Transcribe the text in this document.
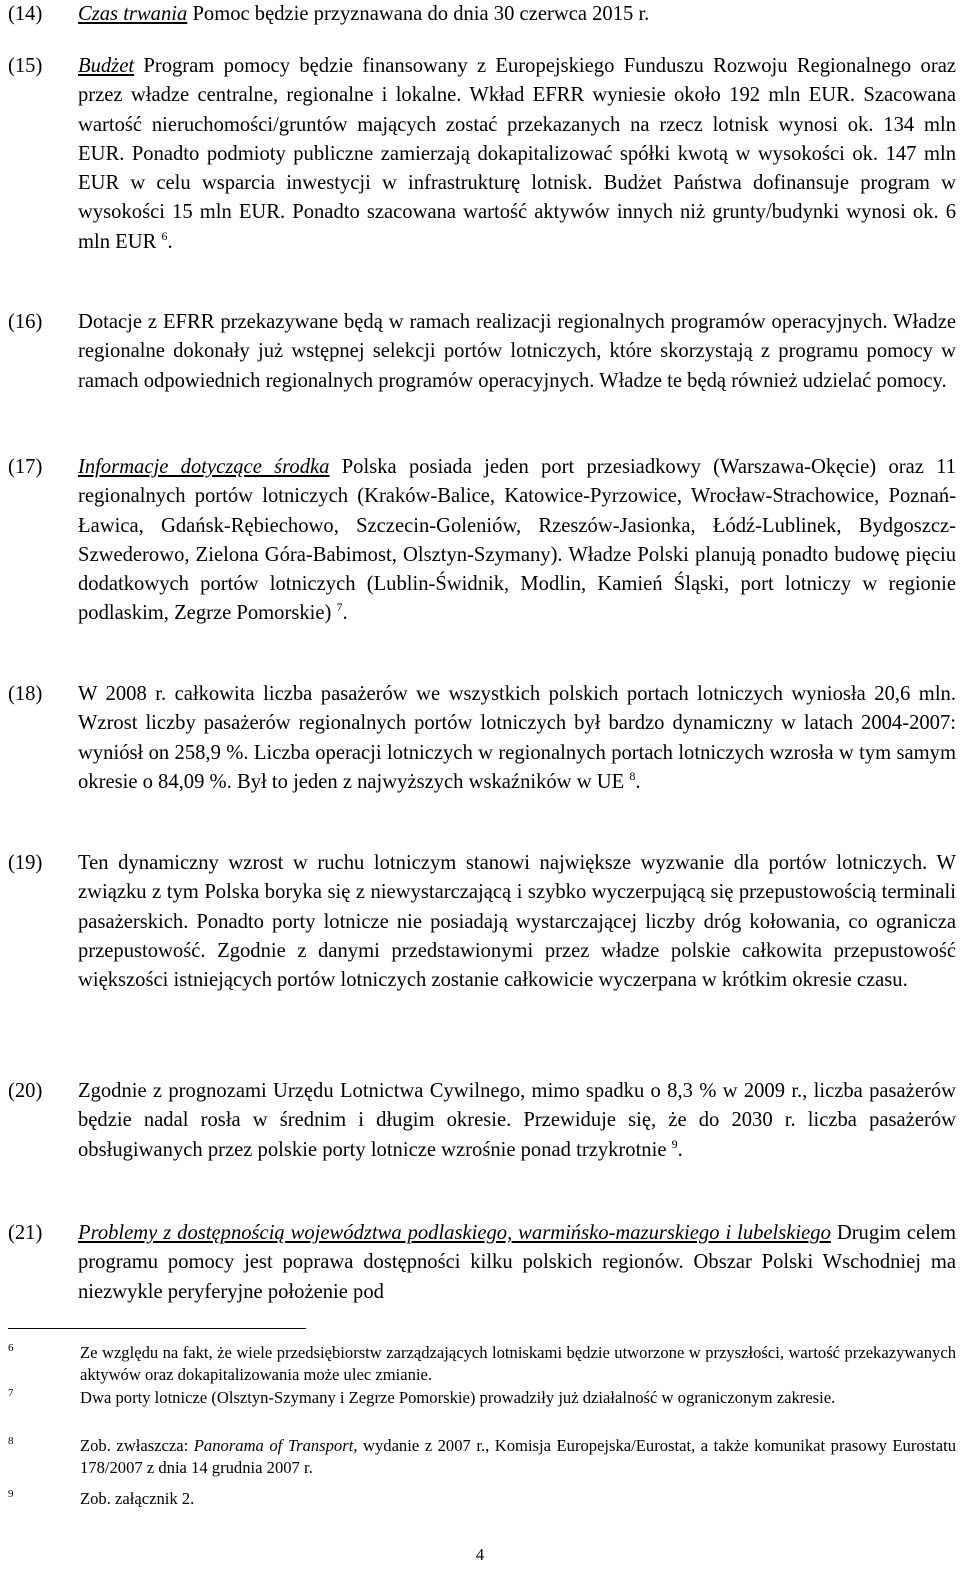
(14)	Czas trwania Pomoc będzie przyznawana do dnia 30 czerwca 2015 r.
(15)	Budżet Program pomocy będzie finansowany z Europejskiego Funduszu Rozwoju Regionalnego oraz przez władze centralne, regionalne i lokalne. Wkład EFRR wyniesie około 192 mln EUR. Szacowana wartość nieruchomości/gruntów mających zostać przekazanych na rzecz lotnisk wynosi ok. 134 mln EUR. Ponadto podmioty publiczne zamierzają dokapitalizować spółki kwotą w wysokości ok. 147 mln EUR w celu wsparcia inwestycji w infrastrukturę lotnisk. Budżet Państwa dofinansuje program w wysokości 15 mln EUR. Ponadto szacowana wartość aktywów innych niż grunty/budynki wynosi ok. 6 mln EUR $^6$.
(16)	Dotacje z EFRR przekazywane będą w ramach realizacji regionalnych programów operacyjnych. Władze regionalne dokonały już wstępnej selekcji portów lotniczych, które skorzystają z programu pomocy w ramach odpowiednich regionalnych programów operacyjnych. Władze te będą również udzielać pomocy.
(17)	Informacje dotyczące środka Polska posiada jeden port przesiadkowy (Warszawa-Okęcie) oraz 11 regionalnych portów lotniczych (Kraków-Balice, Katowice-Pyrzowice, Wrocław-Strachowice, Poznań-Ławica, Gdańsk-Rębiechowo, Szczecin-Goleniów, Rzeszów-Jasionka, Łódź-Lublinek, Bydgoszcz-Szwederowo, Zielona Góra-Babimost, Olsztyn-Szymany). Władze Polski planują ponadto budowę pięciu dodatkowych portów lotniczych (Lublin-Świdnik, Modlin, Kamień Śląski, port lotniczy w regionie podlaskim, Zegrze Pomorskie) $^7$.
(18)	W 2008 r. całkowita liczba pasażerów we wszystkich polskich portach lotniczych wyniosła 20,6 mln. Wzrost liczby pasażerów regionalnych portów lotniczych był bardzo dynamiczny w latach 2004-2007: wyniósł on 258,9 %. Liczba operacji lotniczych w regionalnych portach lotniczych wzrosła w tym samym okresie o 84,09 %. Był to jeden z najwyższych wskaźników w UE $^8$.
(19)	Ten dynamiczny wzrost w ruchu lotniczym stanowi największe wyzwanie dla portów lotniczych. W związku z tym Polska boryka się z niewystarczającą i szybko wyczerpującą się przepustowością terminali pasażerskich. Ponadto porty lotnicze nie posiadają wystarczającej liczby dróg kołowania, co ogranicza przepustowość. Zgodnie z danymi przedstawionymi przez władze polskie całkowita przepustowość większości istniejących portów lotniczych zostanie całkowicie wyczerpana w krótkim okresie czasu.
(20)	Zgodnie z prognozami Urzędu Lotnictwa Cywilnego, mimo spadku o 8,3 % w 2009 r., liczba pasażerów będzie nadal rosła w średnim i długim okresie. Przewiduje się, że do 2030 r. liczba pasażerów obsługiwanych przez polskie porty lotnicze wzrośnie ponad trzykrotnie $^9$.
(21)	Problemy z dostępnością województwa podlaskiego, warmińsko-mazurskiego i lubelskiego Drugim celem programu pomocy jest poprawa dostępności kilku polskich regionów. Obszar Polski Wschodniej ma niezwykle peryferyjne położenie pod
6	Ze względu na fakt, że wiele przedsiębiorstw zarządzających lotniskami będzie utworzone w przyszłości, wartość przekazywanych aktywów oraz dokapitalizowania może ulec zmianie.
7	Dwa porty lotnicze (Olsztyn-Szymany i Zegrze Pomorskie) prowadziły już działalność w ograniczonym zakresie.
8	Zob. zwłaszcza: Panorama of Transport, wydanie z 2007 r., Komisja Europejska/Eurostat, a także komunikat prasowy Eurostatu 178/2007 z dnia 14 grudnia 2007 r.
9	Zob. załącznik 2.
4
